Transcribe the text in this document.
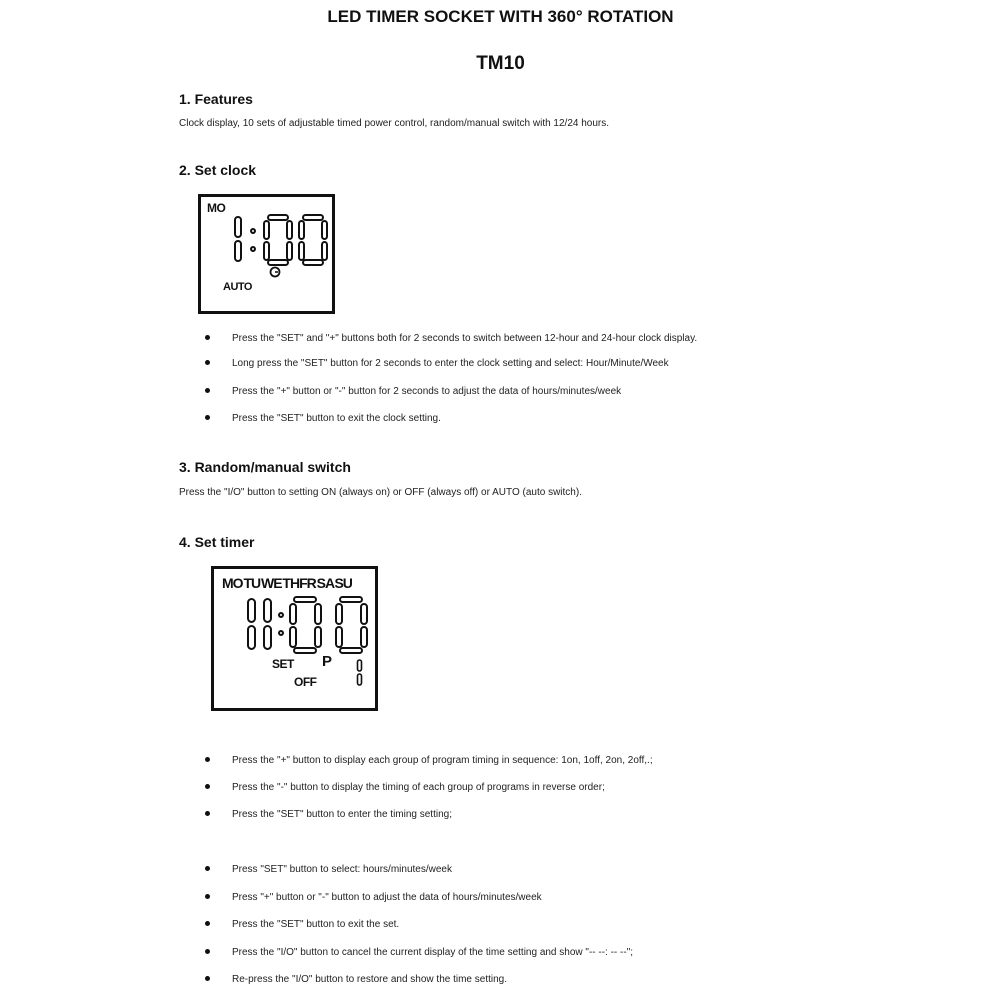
LED TIMER SOCKET WITH 360° ROTATION
TM10
1. Features
Clock display, 10 sets of adjustable timed power control, random/manual switch with 12/24 hours.
2. Set clock
MO
AUTO
Press the "SET" and "+" buttons both for 2 seconds to switch between 12-hour and 24-hour clock display.
Long press the "SET" button for 2 seconds to enter the clock setting and select: Hour/Minute/Week
Press the "+" button or "-" button for 2 seconds to adjust the data of hours/minutes/week
Press the "SET" button to exit the clock setting.
3. Random/manual switch
Press the "I/O" button to setting ON (always on) or OFF (always off) or AUTO (auto switch).
4. Set timer
MO TU WE THFR SA SU
SET P
OFF
Press the "+" button to display each group of program timing in sequence: 1on, 1off, 2on, 2off,.;
Press the "-" button to display the timing of each group of programs in reverse order;
Press the "SET" button to enter the timing setting;
Press "SET" button to select: hours/minutes/week
Press "+" button or "-" button to adjust the data of hours/minutes/week
Press the "SET" button to exit the set.
Press the "I/O" button to cancel the current display of the time setting and show "-- --: -- --";
Re-press the "I/O" button to restore and show the time setting.
